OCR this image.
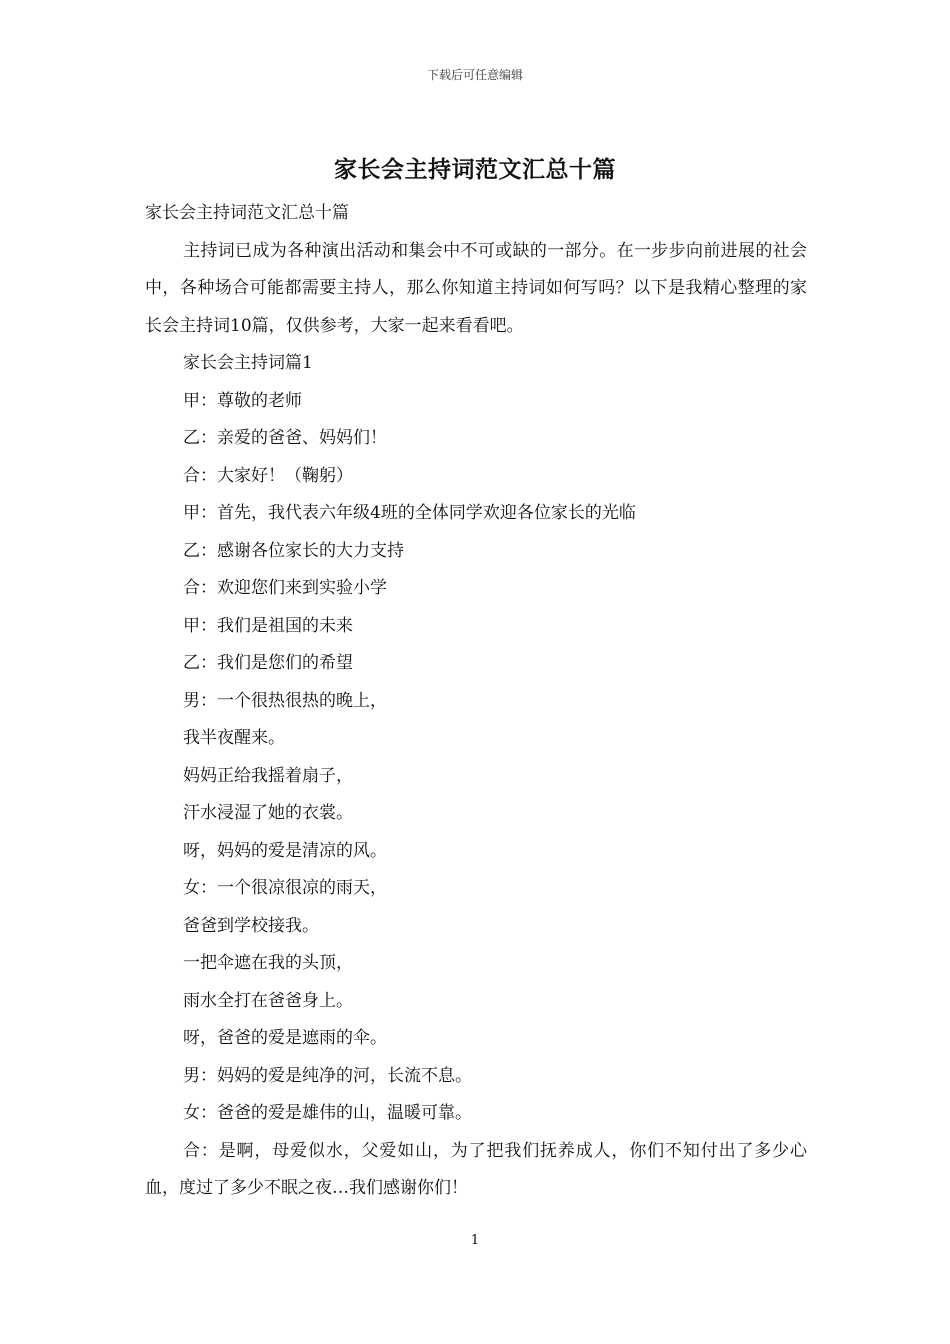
下载后可任意编辑
家长会主持词范文汇总十篇

家长会主持词范文汇总十篇

主持词已成为各种演出活动和集会中不可或缺的一部分。在一步步向前进展的社会中，各种场合可能都需要主持人，那么你知道主持词如何写吗？以下是我精心整理的家长会主持词10篇，仅供参考，大家一起来看看吧。

家长会主持词篇1

甲：尊敬的老师

乙：亲爱的爸爸、妈妈们！

合：大家好！（鞠躬）

甲：首先，我代表六年级4班的全体同学欢迎各位家长的光临

乙：感谢各位家长的大力支持

合：欢迎您们来到实验小学

甲：我们是祖国的未来

乙：我们是您们的希望

男：一个很热很热的晚上，

我半夜醒来。

妈妈正给我摇着扇子，

汗水浸湿了她的衣裳。

呀，妈妈的爱是清凉的风。

女：一个很凉很凉的雨天，

爸爸到学校接我。

一把伞遮在我的头顶，

雨水全打在爸爸身上。

呀，爸爸的爱是遮雨的伞。

男：妈妈的爱是纯净的河，长流不息。

女：爸爸的爱是雄伟的山，温暖可靠。

合：是啊，母爱似水，父爱如山，为了把我们抚养成人，你们不知付出了多少心血，度过了多少不眠之夜…我们感谢你们！

1
